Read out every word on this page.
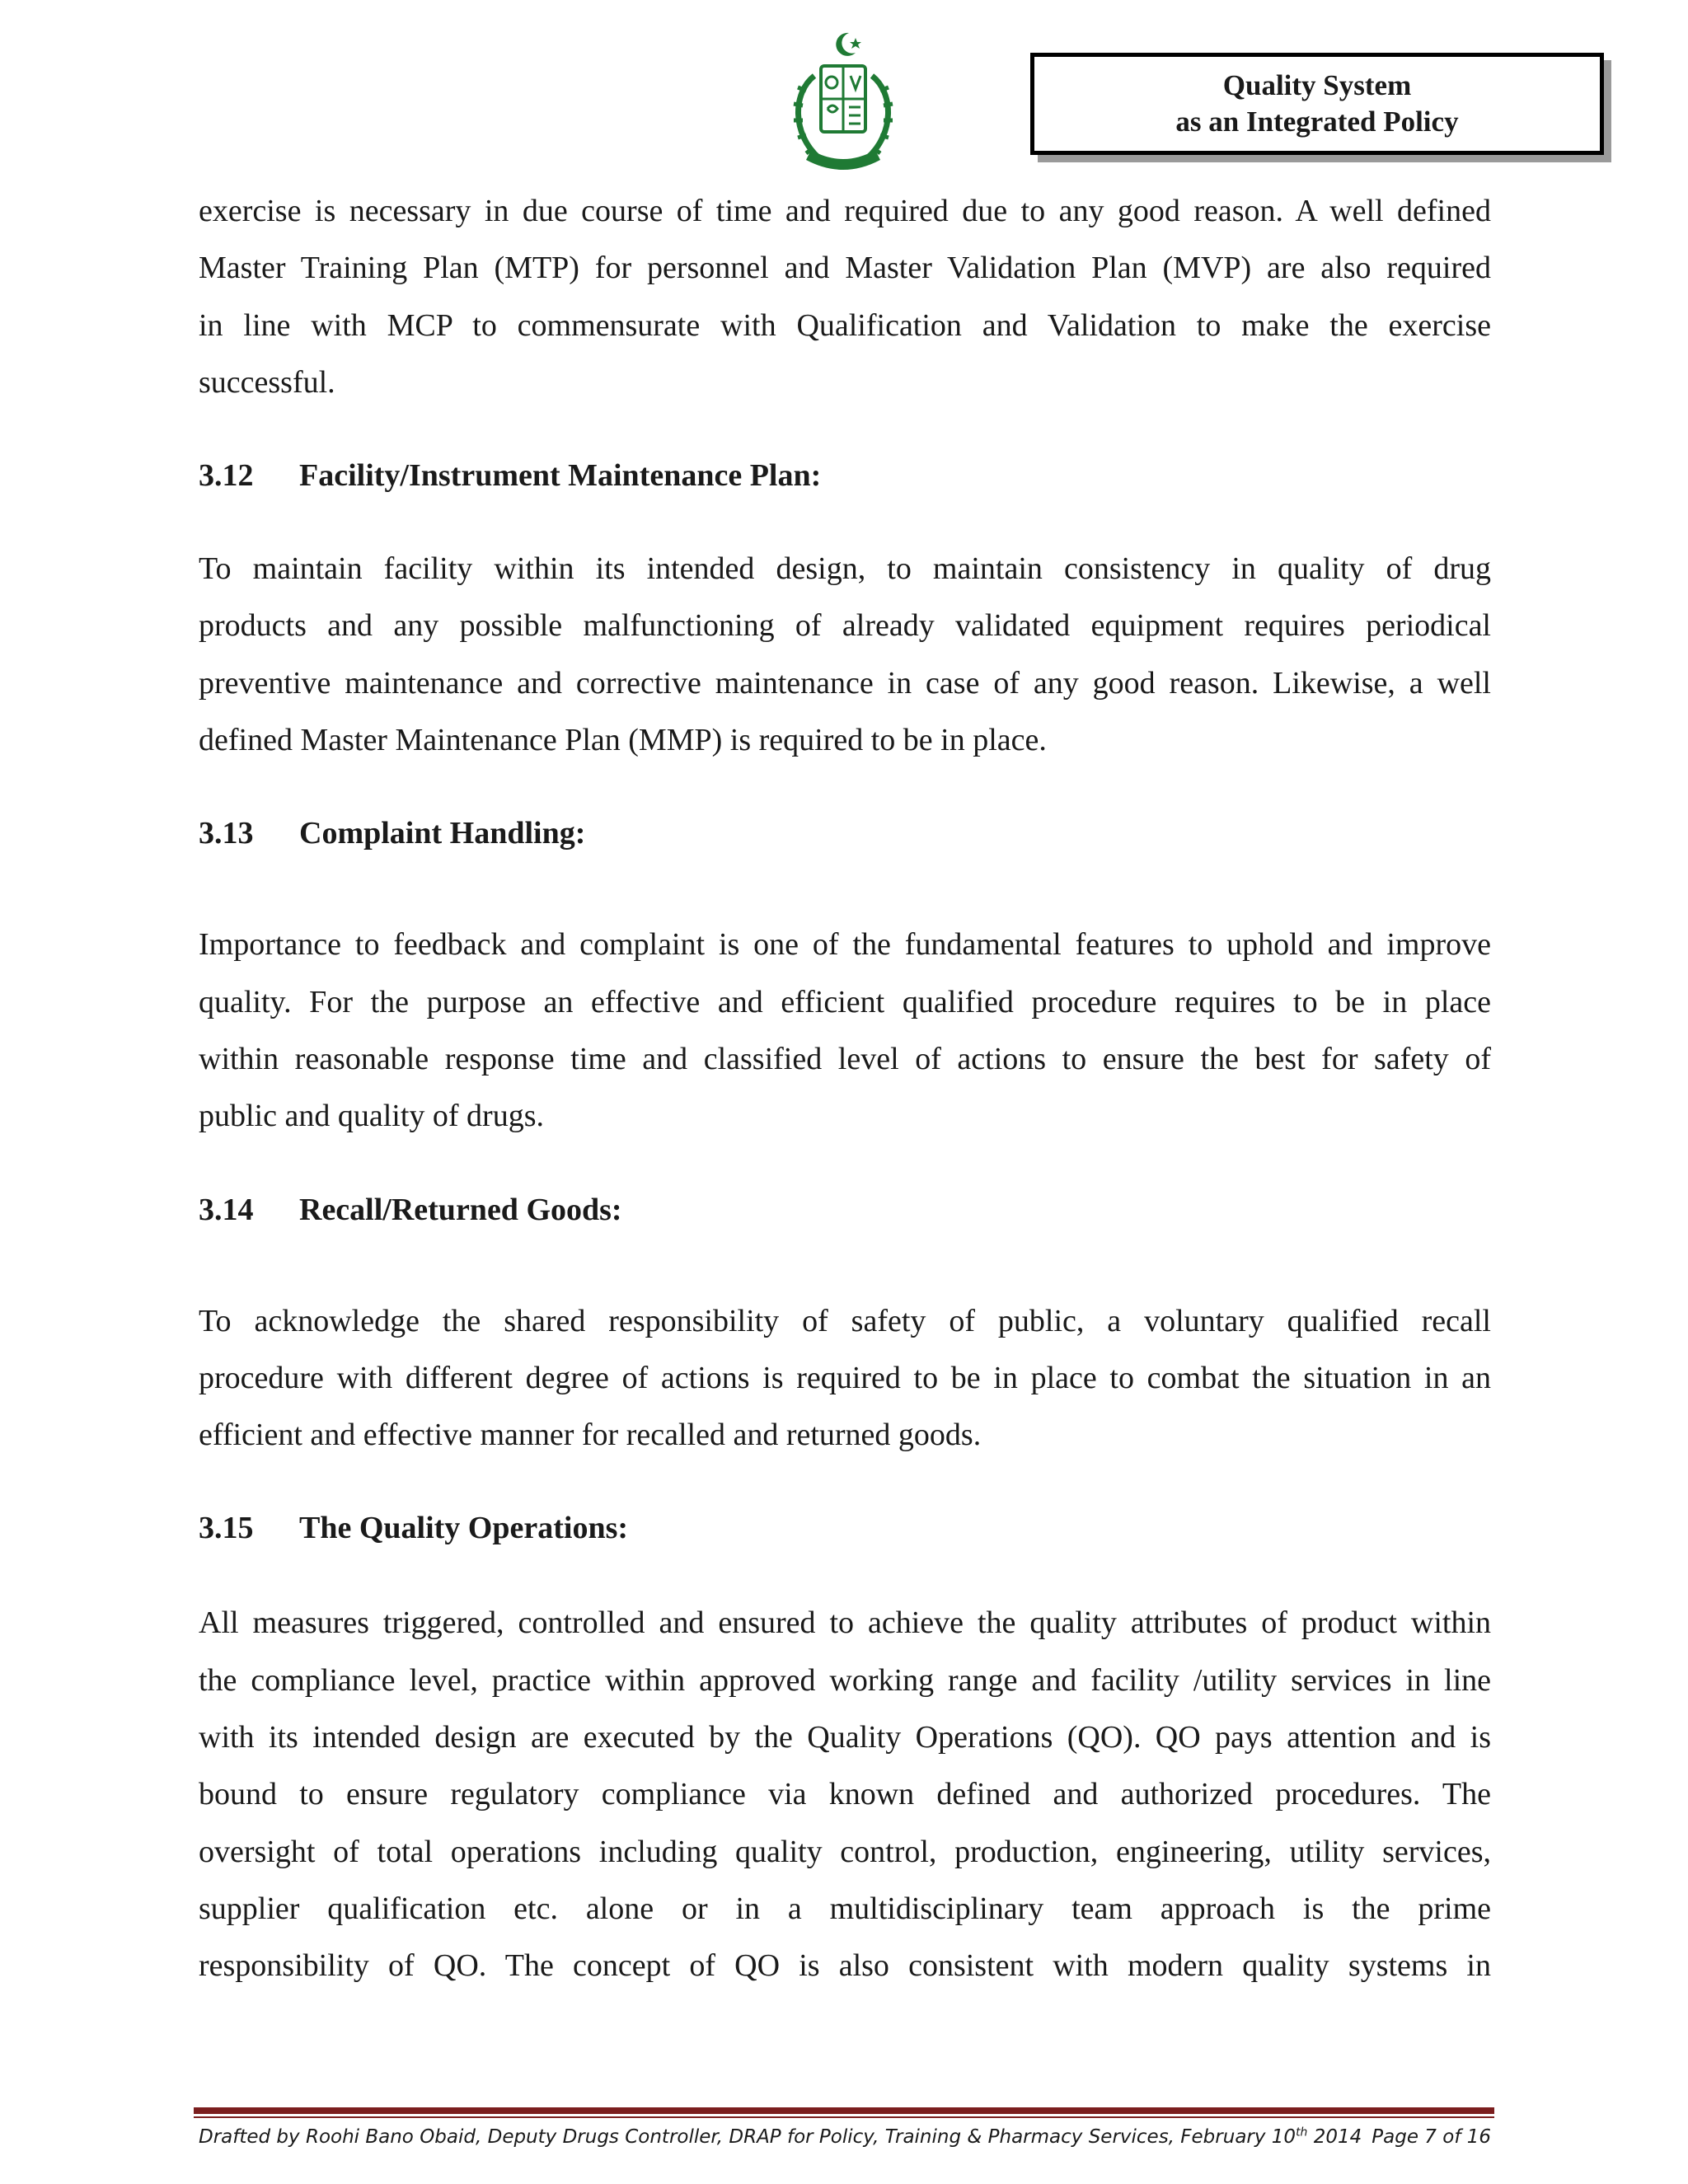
Quality System
as an Integrated Policy

exercise is necessary in due course of time and required due to any good reason. A well defined

Master Training Plan (MTP) for personnel and Master Validation Plan (MVP) are also required

in line with MCP to commensurate with Qualification and Validation to make the exercise

successful.

3.12 Facility/Instrument Maintenance Plan:

To maintain facility within its intended design, to maintain consistency in quality of drug

products and any possible malfunctioning of already validated equipment requires periodical

preventive maintenance and corrective maintenance in case of any good reason. Likewise, a well

defined Master Maintenance Plan (MMP) is required to be in place.

3.13 Complaint Handling:

Importance to feedback and complaint is one of the fundamental features to uphold and improve

quality. For the purpose an effective and efficient qualified procedure requires to be in place

within reasonable response time and classified level of actions to ensure the best for safety of

public and quality of drugs.

3.14 Recall/Returned Goods:

To acknowledge the shared responsibility of safety of public, a voluntary qualified recall

procedure with different degree of actions is required to be in place to combat the situation in an

efficient and effective manner for recalled and returned goods.

3.15 The Quality Operations:

All measures triggered, controlled and ensured to achieve the quality attributes of product within

the compliance level, practice within approved working range and facility /utility services in line

with its intended design are executed by the Quality Operations (QO). QO pays attention and is

bound to ensure regulatory compliance via known defined and authorized procedures. The

oversight of total operations including quality control, production, engineering, utility services,

supplier qualification etc. alone or in a multidisciplinary team approach is the prime

responsibility of QO. The concept of QO is also consistent with modern quality systems in

Drafted by Roohi Bano Obaid, Deputy Drugs Controller, DRAP for Policy, Training & Pharmacy Services, February 10th 2014 Page 7 of 16
